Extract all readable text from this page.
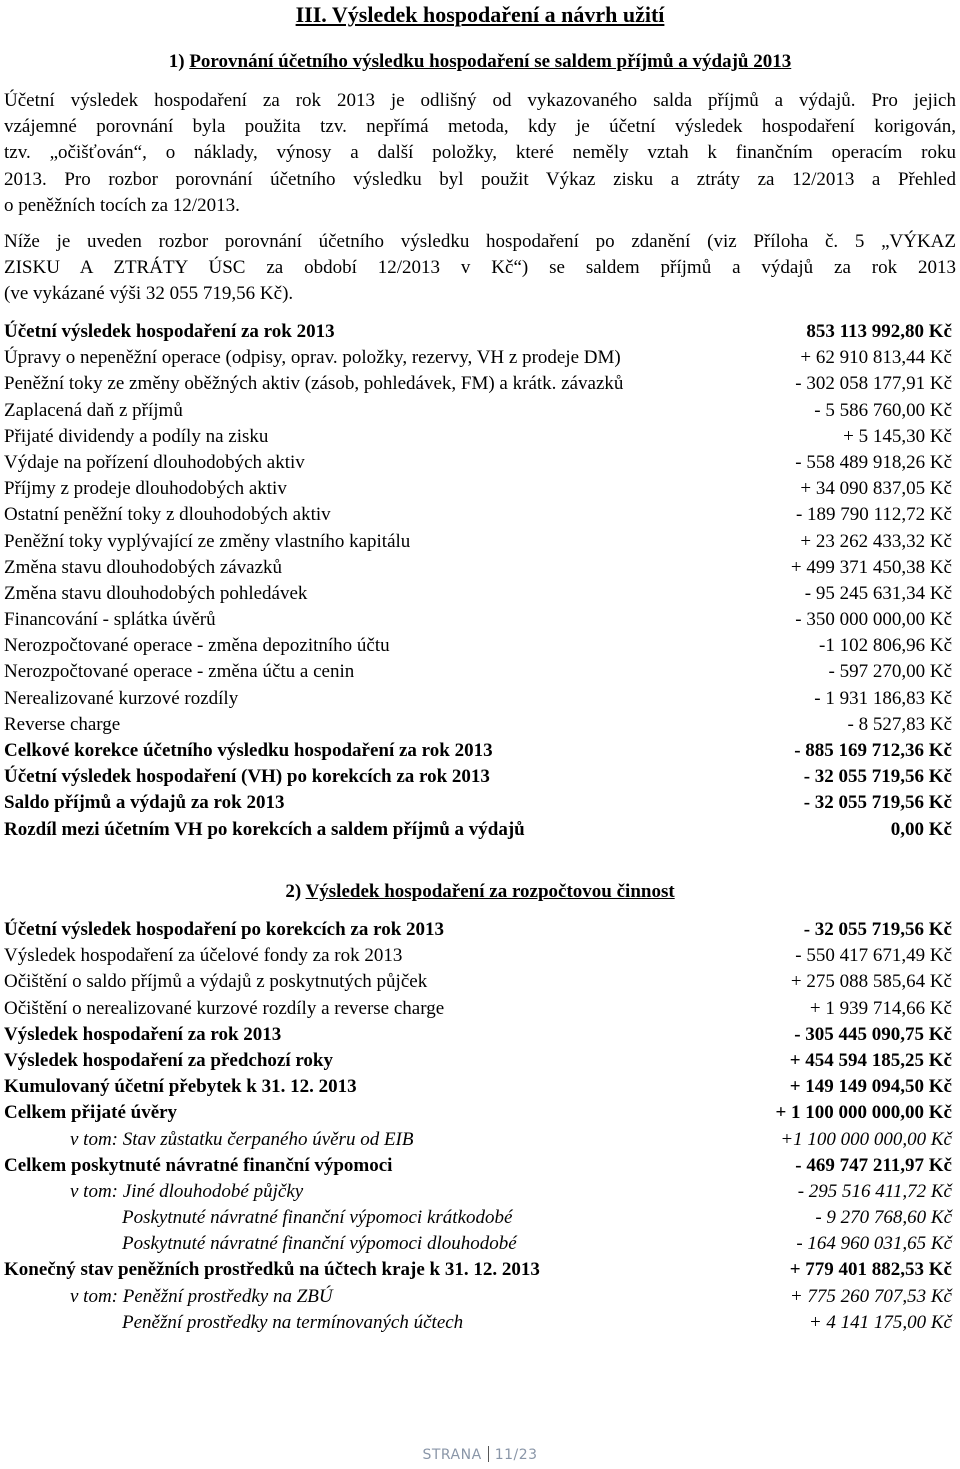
III. Výsledek hospodaření a návrh užití
1) Porovnání účetního výsledku hospodaření se saldem příjmů a výdajů 2013
Účetní výsledek hospodaření za rok 2013 je odlišný od vykazovaného salda příjmů a výdajů. Pro jejich
vzájemné porovnání byla použita tzv. nepřímá metoda, kdy je účetní výsledek hospodaření korigován,
tzv. „očišťován“, o náklady, výnosy a další položky, které neměly vztah k finančním operacím roku
2013. Pro rozbor porovnání účetního výsledku byl použit Výkaz zisku a ztráty za 12/2013 a Přehled
o peněžních tocích za 12/2013.
Níže je uveden rozbor porovnání účetního výsledku hospodaření po zdanění (viz Příloha č. 5 „VÝKAZ
ZISKU A ZTRÁTY ÚSC za období 12/2013 v Kč“) se saldem příjmů a výdajů za rok 2013
(ve vykázané výši 32 055 719,56 Kč).
Účetní výsledek hospodaření za rok 2013	853 113 992,80 Kč
Úpravy o nepeněžní operace (odpisy, oprav. položky, rezervy, VH z prodeje DM)	+ 62 910 813,44 Kč
Peněžní toky ze změny oběžných aktiv (zásob, pohledávek, FM) a krátk. závazků	- 302 058 177,91 Kč
Zaplacená daň z příjmů	- 5 586 760,00 Kč
Přijaté dividendy a podíly na zisku	+ 5 145,30 Kč
Výdaje na pořízení dlouhodobých aktiv	- 558 489 918,26 Kč
Příjmy z prodeje dlouhodobých aktiv	+ 34 090 837,05 Kč
Ostatní peněžní toky z dlouhodobých aktiv	- 189 790 112,72 Kč
Peněžní toky vyplývající ze změny vlastního kapitálu	+ 23 262 433,32 Kč
Změna stavu dlouhodobých závazků	+ 499 371 450,38 Kč
Změna stavu dlouhodobých pohledávek	- 95 245 631,34 Kč
Financování - splátka úvěrů	- 350 000 000,00 Kč
Nerozpočtované operace - změna depozitního účtu	-1 102 806,96 Kč
Nerozpočtované operace - změna účtu a cenin	- 597 270,00 Kč
Nerealizované kurzové rozdíly	- 1 931 186,83 Kč
Reverse charge	- 8 527,83 Kč
Celkové korekce účetního výsledku hospodaření za rok 2013	- 885 169 712,36 Kč
Účetní výsledek hospodaření (VH) po korekcích za rok 2013	- 32 055 719,56 Kč
Saldo příjmů a výdajů za rok 2013	- 32 055 719,56 Kč
Rozdíl mezi účetním VH po korekcích a saldem příjmů a výdajů	0,00 Kč
2) Výsledek hospodaření za rozpočtovou činnost
Účetní výsledek hospodaření po korekcích za rok 2013	- 32 055 719,56 Kč
Výsledek hospodaření za účelové fondy za rok 2013	- 550 417 671,49 Kč
Očištění o saldo příjmů a výdajů z poskytnutých půjček	+ 275 088 585,64 Kč
Očištění o nerealizované kurzové rozdíly a reverse charge	+ 1 939 714,66 Kč
Výsledek hospodaření za rok 2013	- 305 445 090,75 Kč
Výsledek hospodaření za předchozí roky	+ 454 594 185,25 Kč
Kumulovaný účetní přebytek k 31. 12. 2013	+ 149 149 094,50 Kč
Celkem přijaté úvěry	+ 1 100 000 000,00 Kč
v tom: Stav zůstatku čerpaného úvěru od EIB	+1 100 000 000,00 Kč
Celkem poskytnuté návratné finanční výpomoci	- 469 747 211,97 Kč
v tom: Jiné dlouhodobé půjčky	- 295 516 411,72 Kč
Poskytnuté návratné finanční výpomoci krátkodobé	- 9 270 768,60 Kč
Poskytnuté návratné finanční výpomoci dlouhodobé	- 164 960 031,65 Kč
Konečný stav peněžních prostředků na účtech kraje k 31. 12. 2013	+ 779 401 882,53 Kč
v tom: Peněžní prostředky na ZBÚ	+ 775 260 707,53 Kč
Peněžní prostředky na termínovaných účtech	+ 4 141 175,00 Kč
STRANA 11/23
